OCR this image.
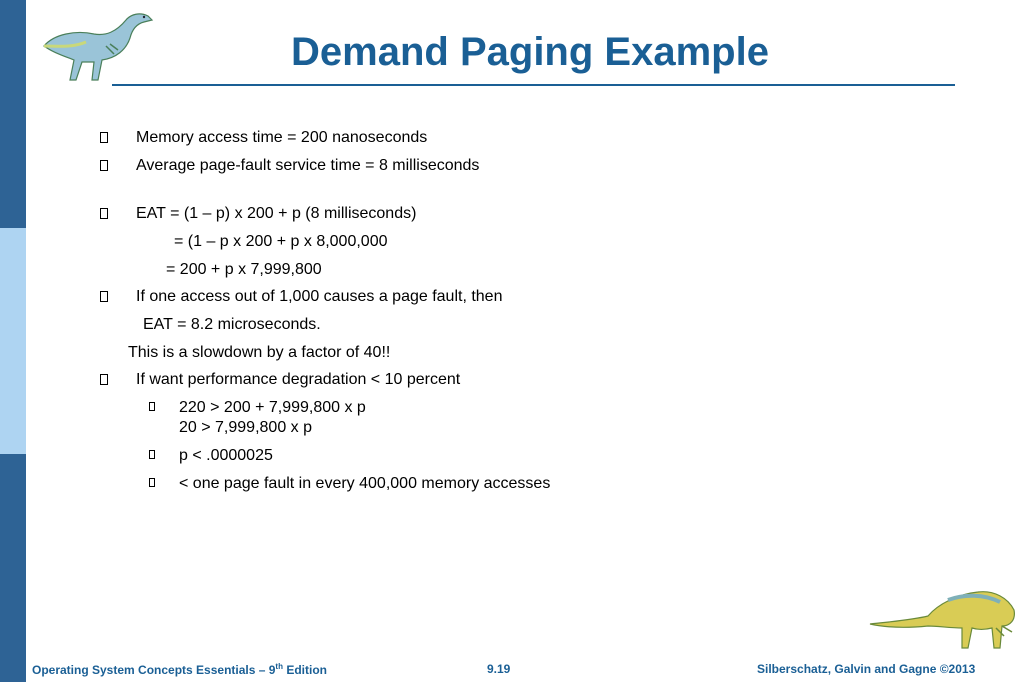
Demand Paging Example
Memory access time = 200 nanoseconds
Average page-fault service time = 8 milliseconds
EAT = (1 – p) x 200 + p (8 milliseconds)
= (1 – p x 200 + p x 8,000,000
= 200 + p x 7,999,800
If one access out of 1,000 causes a page fault, then
EAT = 8.2 microseconds.
This is a slowdown by a factor of 40!!
If want performance degradation < 10 percent
220 > 200 + 7,999,800 x p
20 > 7,999,800 x p
p < .0000025
< one page fault in every 400,000 memory accesses
Operating System Concepts Essentials – 9th Edition	9.19	Silberschatz, Galvin and Gagne ©2013
